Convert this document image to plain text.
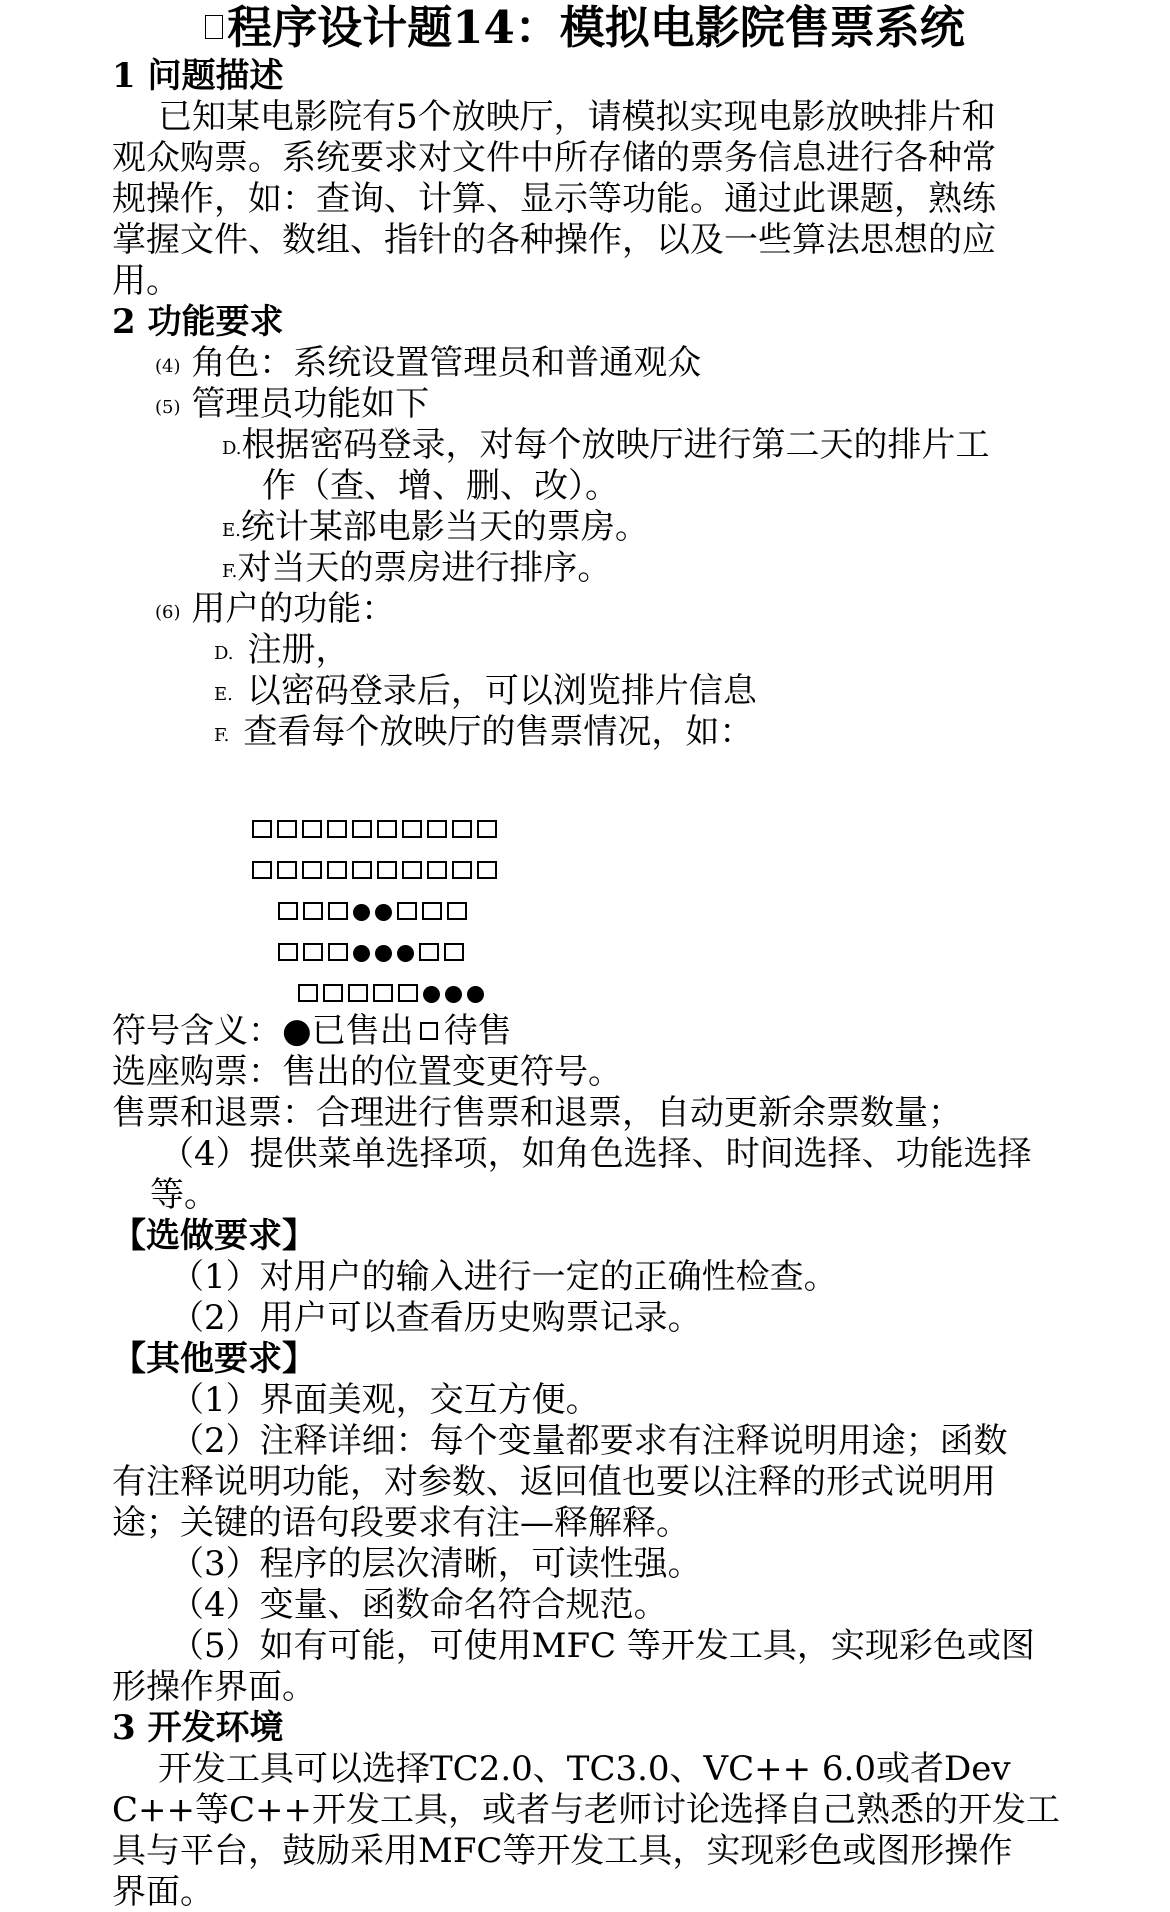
程序设计题14：模拟电影院售票系统
1 问题描述
已知某电影院有5个放映厅，请模拟实现电影放映排片和
观众购票。系统要求对文件中所存储的票务信息进行各种常
规操作，如：查询、计算、显示等功能。通过此课题，熟练
掌握文件、数组、指针的各种操作，以及一些算法思想的应
用。
2 功能要求
(4) 角色：系统设置管理员和普通观众
(5) 管理员功能如下
D.根据密码登录，对每个放映厅进行第二天的排片工
作（查、增、删、改）。
E.统计某部电影当天的票房。
F.对当天的票房进行排序。
(6) 用户的功能：
D. 注册，
E. 以密码登录后，可以浏览排片信息
F. 查看每个放映厅的售票情况，如：
符号含义：●已售出 待售
选座购票：售出的位置变更符号。
售票和退票：合理进行售票和退票，自动更新余票数量；
（4）提供菜单选择项，如角色选择、时间选择、功能选择
等。
【选做要求】
（1）对用户的输入进行一定的正确性检查。
（2）用户可以查看历史购票记录。
【其他要求】
（1）界面美观，交互方便。
（2）注释详细：每个变量都要求有注释说明用途；函数
有注释说明功能，对参数、返回值也要以注释的形式说明用
途；关键的语句段要求有注—释解释。
（3）程序的层次清晰，可读性强。
（4）变量、函数命名符合规范。
（5）如有可能，可使用MFC 等开发工具，实现彩色或图
形操作界面。
3 开发环境
开发工具可以选择TC2.0、TC3.0、VC++ 6.0或者Dev
C++等C++开发工具，或者与老师讨论选择自己熟悉的开发工
具与平台，鼓励采用MFC等开发工具，实现彩色或图形操作
界面。
